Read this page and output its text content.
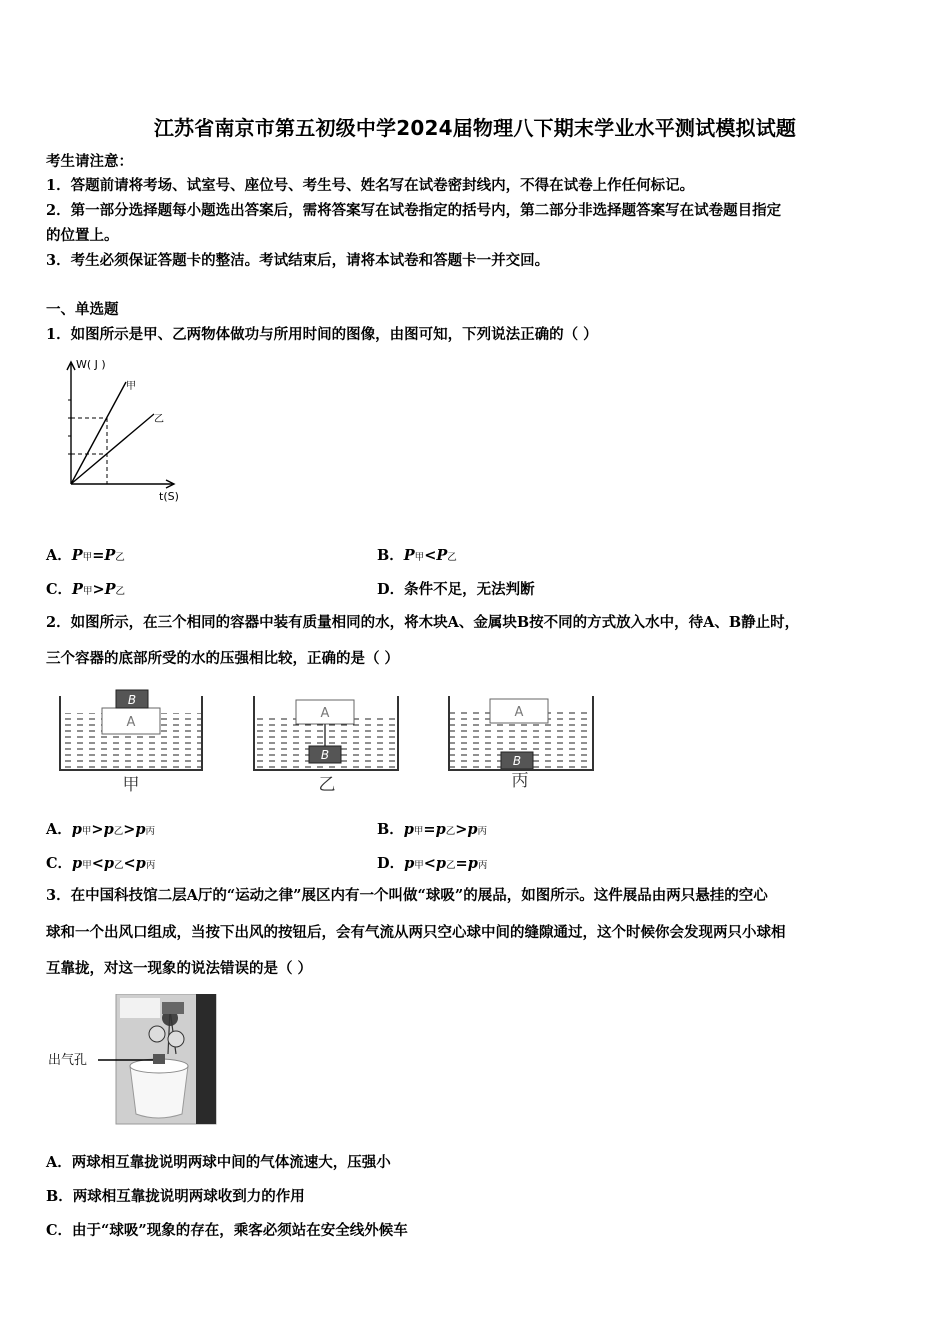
江苏省南京市第五初级中学2024届物理八下期末学业水平测试模拟试题
考生请注意：
1．答题前请将考场、试室号、座位号、考生号、姓名写在试卷密封线内，不得在试卷上作任何标记。
2．第一部分选择题每小题选出答案后，需将答案写在试卷指定的括号内，第二部分非选择题答案写在试卷题目指定
的位置上。
3．考生必须保证答题卡的整洁。考试结束后，请将本试卷和答题卡一并交回。
一、单选题
1．如图所示是甲、乙两物体做功与所用时间的图像，由图可知，下列说法正确的（ ）
W( J )
甲
乙
t(S)
A．P甲=P乙	B．P甲<P乙
C．P甲>P乙	D．条件不足，无法判断
2．如图所示，在三个相同的容器中装有质量相同的水，将木块A、金属块B按不同的方式放入水中，待A、B静止时，
三个容器的底部所受的水的压强相比较，正确的是（ ）
A
B
甲
A
B
乙
A
B
丙
A．p甲>p乙>p丙	B．p甲=p乙>p丙
C．p甲<p乙<p丙	D．p甲<p乙=p丙
3．在中国科技馆二层A厅的“运动之律”展区内有一个叫做“球吸”的展品，如图所示。这件展品由两只悬挂的空心
球和一个出风口组成，当按下出风的按钮后，会有气流从两只空心球中间的缝隙通过，这个时候你会发现两只小球相
互靠拢，对这一现象的说法错误的是（ ）
出气孔
A．两球相互靠拢说明两球中间的气体流速大，压强小
B．两球相互靠拢说明两球收到力的作用
C．由于“球吸”现象的存在，乘客必须站在安全线外候车
